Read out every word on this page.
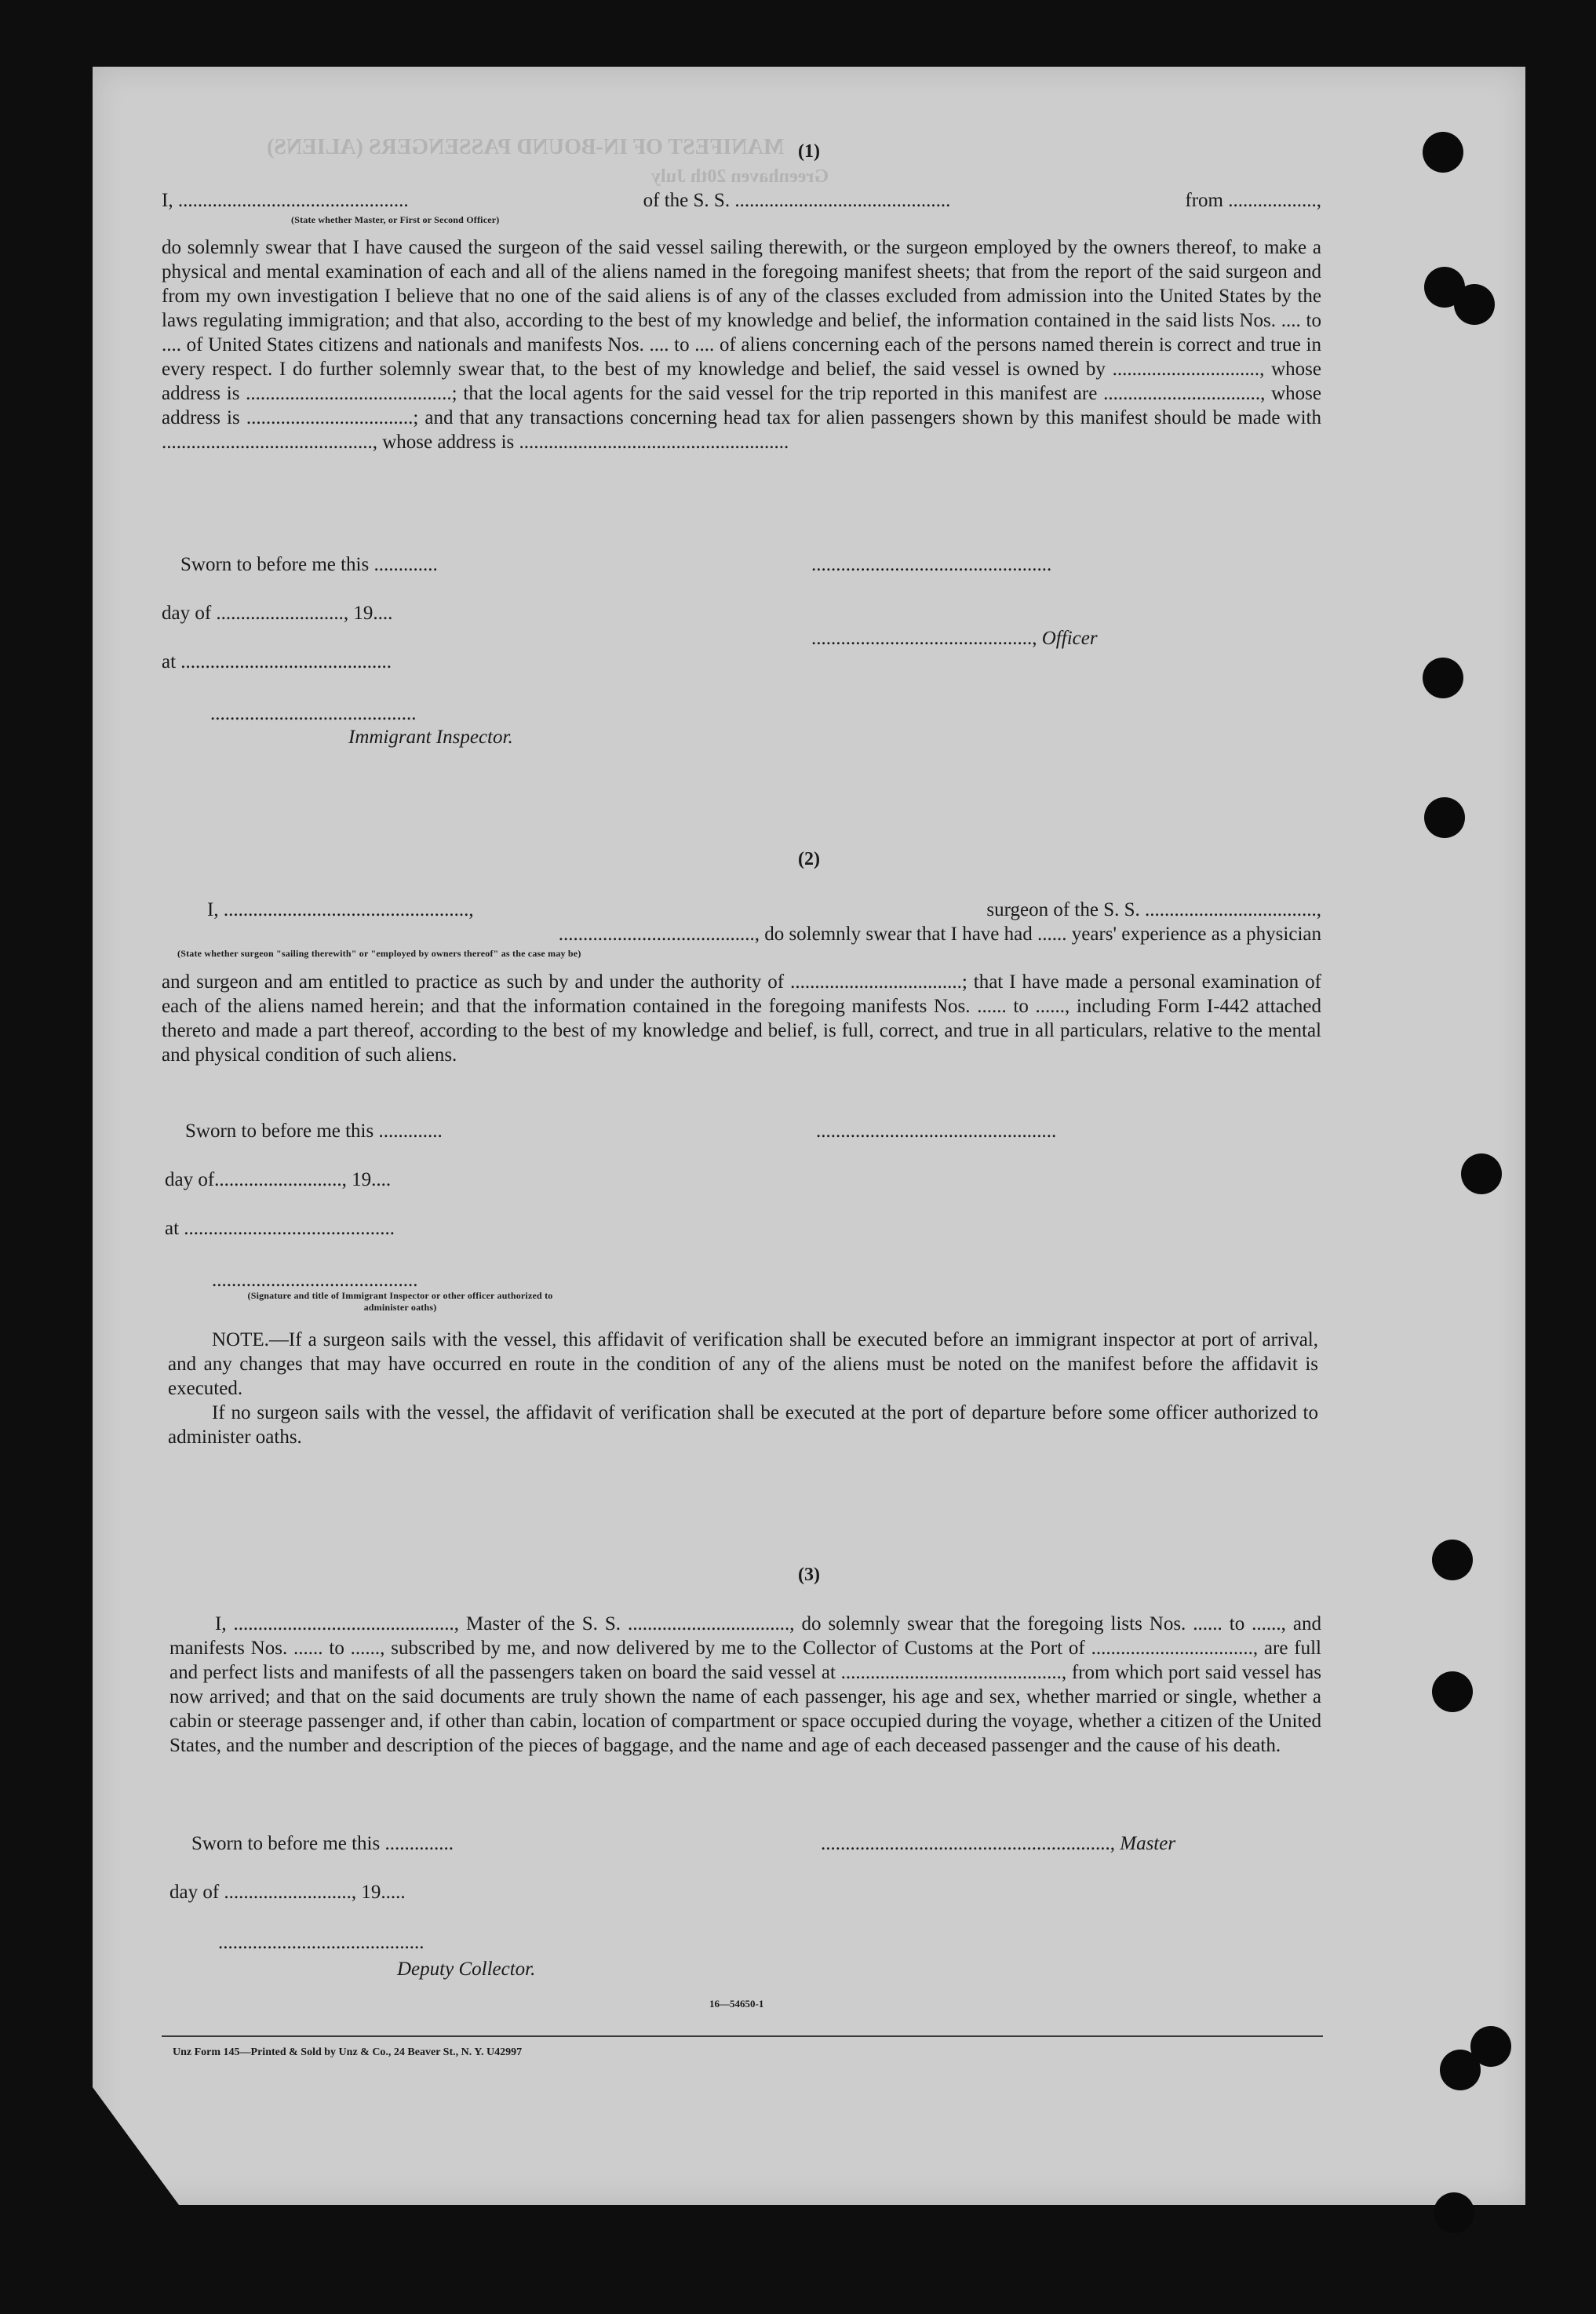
MANIFEST OF IN-BOUND PASSENGERS (ALIENS)
Greenhaven 20th July
(1)
I, ...............................................	of the S. S. ............................................	from ..................,
(State whether Master, or First or Second Officer)

do solemnly swear that I have caused the surgeon of the said vessel sailing therewith, or the surgeon employed by the owners thereof, to make a physical and mental examination of each and all of the aliens named in the foregoing manifest sheets; that from the report of the said surgeon and from my own investigation I believe that no one of the said aliens is of any of the classes excluded from admission into the United States by the laws regulating immigration; and that also, according to the best of my knowledge and belief, the information contained in the said lists Nos. .... to .... of United States citizens and nationals and manifests Nos. .... to .... of aliens concerning each of the persons named therein is correct and true in every respect. I do further solemnly swear that, to the best of my knowledge and belief, the said vessel is owned by .............................., whose address is ..........................................; that the local agents for the said vessel for the trip reported in this manifest are ................................, whose address is ..................................; and that any transactions concerning head tax for alien passengers shown by this manifest should be made with ..........................................., whose address is .......................................................

Sworn to before me this .............
day of .........................., 19....
at ...........................................
..........................................
Immigrant Inspector.
.................................................
............................................., Officer
(2)
I, ..................................................,	surgeon of the S. S. ...................................,
........................................, do solemnly swear that I have had ...... years' experience as a physician
(State whether surgeon "sailing therewith" or "employed by owners thereof" as the case may be)

and surgeon and am entitled to practice as such by and under the authority of ...................................; that I have made a personal examination of each of the aliens named herein; and that the information contained in the foregoing manifests Nos. ...... to ......, including Form I-442 attached thereto and made a part thereof, according to the best of my knowledge and belief, is full, correct, and true in all particulars, relative to the mental and physical condition of such aliens.

Sworn to before me this .............
day of.........................., 19....
at ...........................................
..........................................
(Signature and title of Immigrant Inspector or other officer authorized to administer oaths)
.................................................

NOTE.—If a surgeon sails with the vessel, this affidavit of verification shall be executed before an immigrant inspector at port of arrival, and any changes that may have occurred en route in the condition of any of the aliens must be noted on the manifest before the affidavit is executed.

If no surgeon sails with the vessel, the affidavit of verification shall be executed at the port of departure before some officer authorized to administer oaths.

(3)

I, ............................................., Master of the S. S. ................................., do solemnly swear that the foregoing lists Nos. ...... to ......, and manifests Nos. ...... to ......, subscribed by me, and now delivered by me to the Collector of Customs at the Port of ................................., are full and perfect lists and manifests of all the passengers taken on board the said vessel at ............................................., from which port said vessel has now arrived; and that on the said documents are truly shown the name of each passenger, his age and sex, whether married or single, whether a cabin or steerage passenger and, if other than cabin, location of compartment or space occupied during the voyage, whether a citizen of the United States, and the number and description of the pieces of baggage, and the name and age of each deceased passenger and the cause of his death.

Sworn to before me this ..............
day of .........................., 19.....
..........................................
Deputy Collector.
..........................................................., Master
16—54650-1
Unz Form 145—Printed & Sold by Unz & Co., 24 Beaver St., N. Y. U42997
